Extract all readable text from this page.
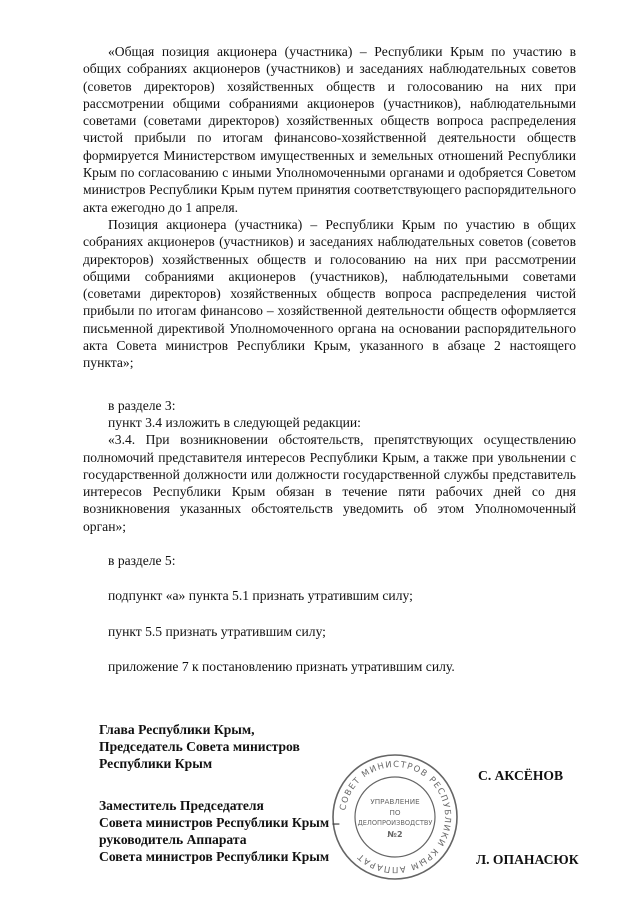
«Общая позиция акционера (участника) – Республики Крым по участию в общих собраниях акционеров (участников) и заседаниях наблюдательных советов (советов директоров) хозяйственных обществ и голосованию на них при рассмотрении общими собраниями акционеров (участников), наблюдательными советами (советами директоров) хозяйственных обществ вопроса распределения чистой прибыли по итогам финансово-хозяйственной деятельности обществ формируется Министерством имущественных и земельных отношений Республики Крым по согласованию с иными Уполномоченными органами и одобряется Советом министров Республики Крым путем принятия соответствующего распорядительного акта ежегодно до 1 апреля.

Позиция акционера (участника) – Республики Крым по участию в общих собраниях акционеров (участников) и заседаниях наблюдательных советов (советов директоров) хозяйственных обществ и голосованию на них при рассмотрении общими собраниями акционеров (участников), наблюдательными советами (советами директоров) хозяйственных обществ вопроса распределения чистой прибыли по итогам финансово – хозяйственной деятельности обществ оформляется письменной директивой Уполномоченного органа на основании распорядительного акта Совета министров Республики Крым, указанного в абзаце 2 настоящего пункта»;

в разделе 3:

пункт 3.4 изложить в следующей редакции:

«3.4. При возникновении обстоятельств, препятствующих осуществлению полномочий представителя интересов Республики Крым, а также при увольнении с государственной должности или должности государственной службы представитель интересов Республики Крым обязан в течение пяти рабочих дней со дня возникновения указанных обстоятельств уведомить об этом Уполномоченный орган»;

в разделе 5:

подпункт «а» пункта 5.1 признать утратившим силу;

пункт 5.5 признать утратившим силу;

приложение 7 к постановлению признать утратившим силу.

Глава Республики Крым,
Председатель Совета министров
Республики Крым
С. АКСЁНОВ
Заместитель Председателя
Совета министров Республики Крым –
руководитель Аппарата
Совета министров Республики Крым	Л. ОПАНАСЮК
СОВЕТ МИНИСТРОВ РЕСПУБЛИКИ КРЫМ АППАРАТ
УПРАВЛЕНИЕ
ПО
ДЕЛОПРОИЗВОДСТВУ
№2
